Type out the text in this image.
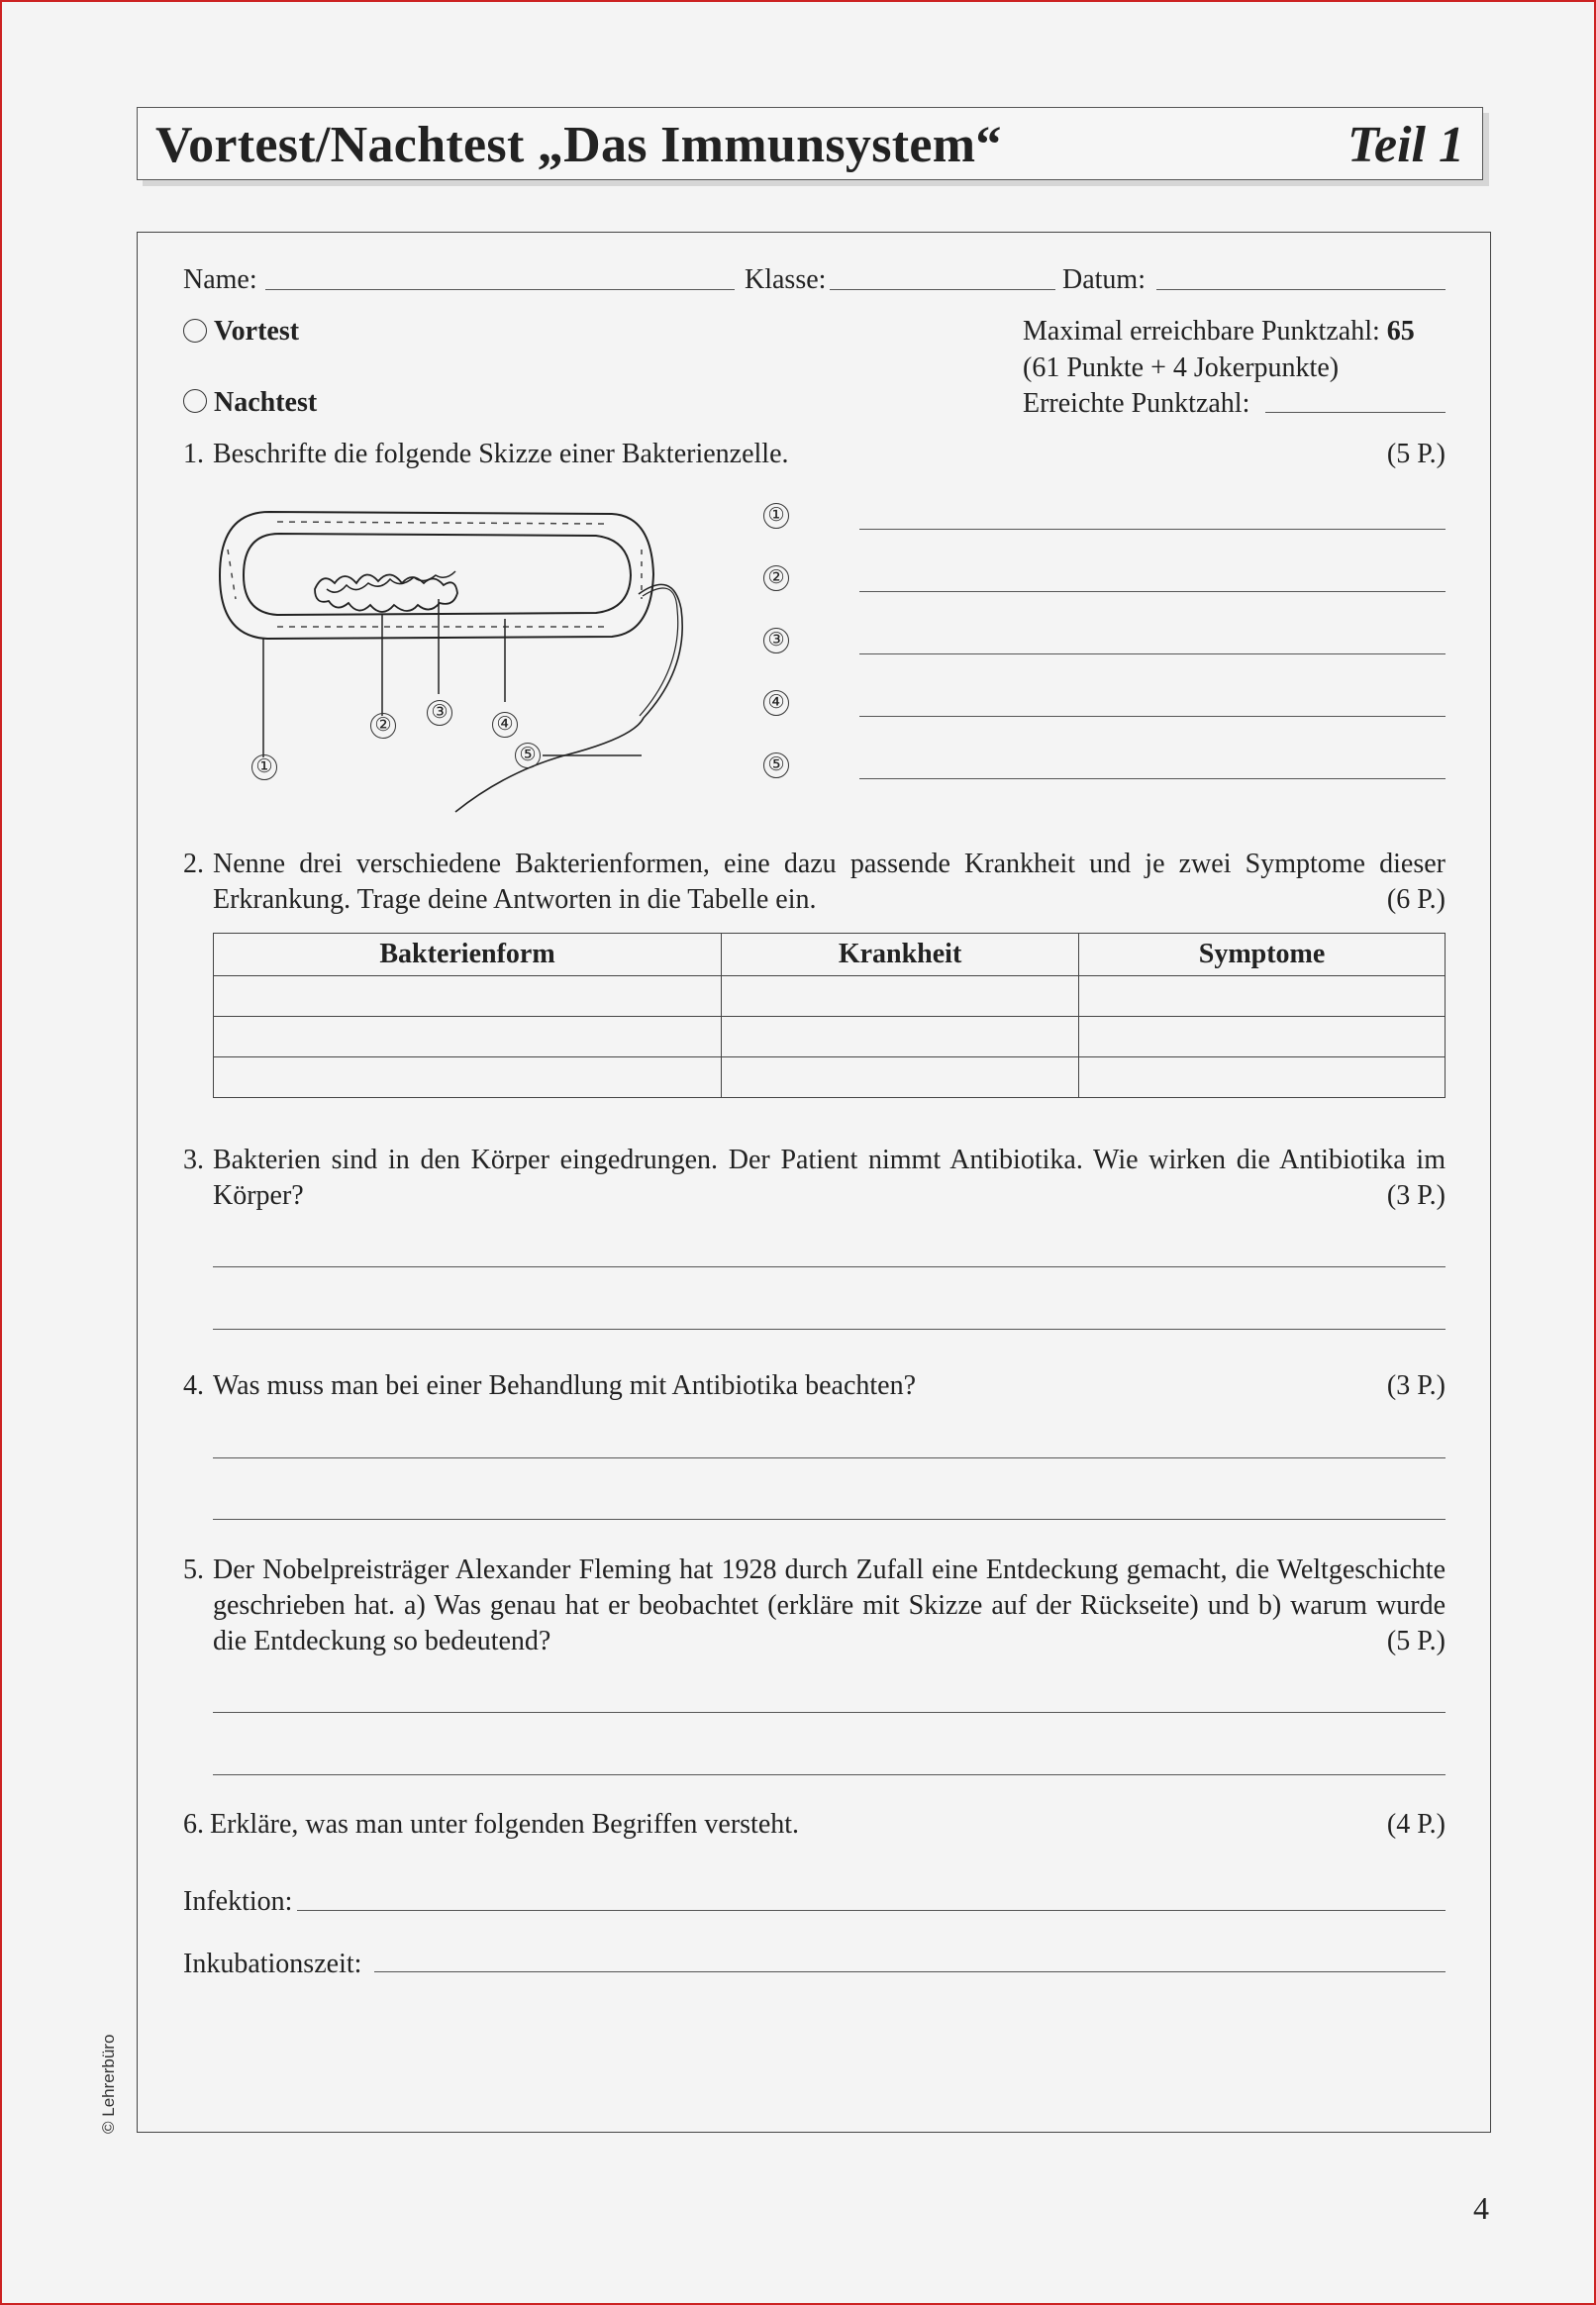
Vortest/Nachtest „Das Immunsystem“	Teil 1
Name:	Klasse:	Datum:
Vortest
Nachtest
Maximal erreichbare Punktzahl: 65
(61 Punkte + 4 Jokerpunkte)
Erreichte Punktzahl:
1. Beschrifte die folgende Skizze einer Bakterienzelle.	(5 P.)
①
②
③
④
⑤
①
②
③
④
⑤
2. Nenne drei verschiedene Bakterienformen, eine dazu passende Krankheit und je zwei Symptome dieser
Erkrankung. Trage deine Antworten in die Tabelle ein.	(6 P.)
Bakterienform	Krankheit	Symptome

3. Bakterien sind in den Körper eingedrungen. Der Patient nimmt Antibiotika. Wie wirken die Antibiotika im
Körper?	(3 P.)
4. Was muss man bei einer Behandlung mit Antibiotika beachten?	(3 P.)
5. Der Nobelpreisträger Alexander Fleming hat 1928 durch Zufall eine Entdeckung gemacht, die Weltgeschichte
geschrieben hat. a) Was genau hat er beobachtet (erkläre mit Skizze auf der Rückseite) und b) warum wurde
die Entdeckung so bedeutend?	(5 P.)
6. Erkläre, was man unter folgenden Begriffen versteht.	(4 P.)
Infektion:
Inkubationszeit:
© Lehrerbüro
4
